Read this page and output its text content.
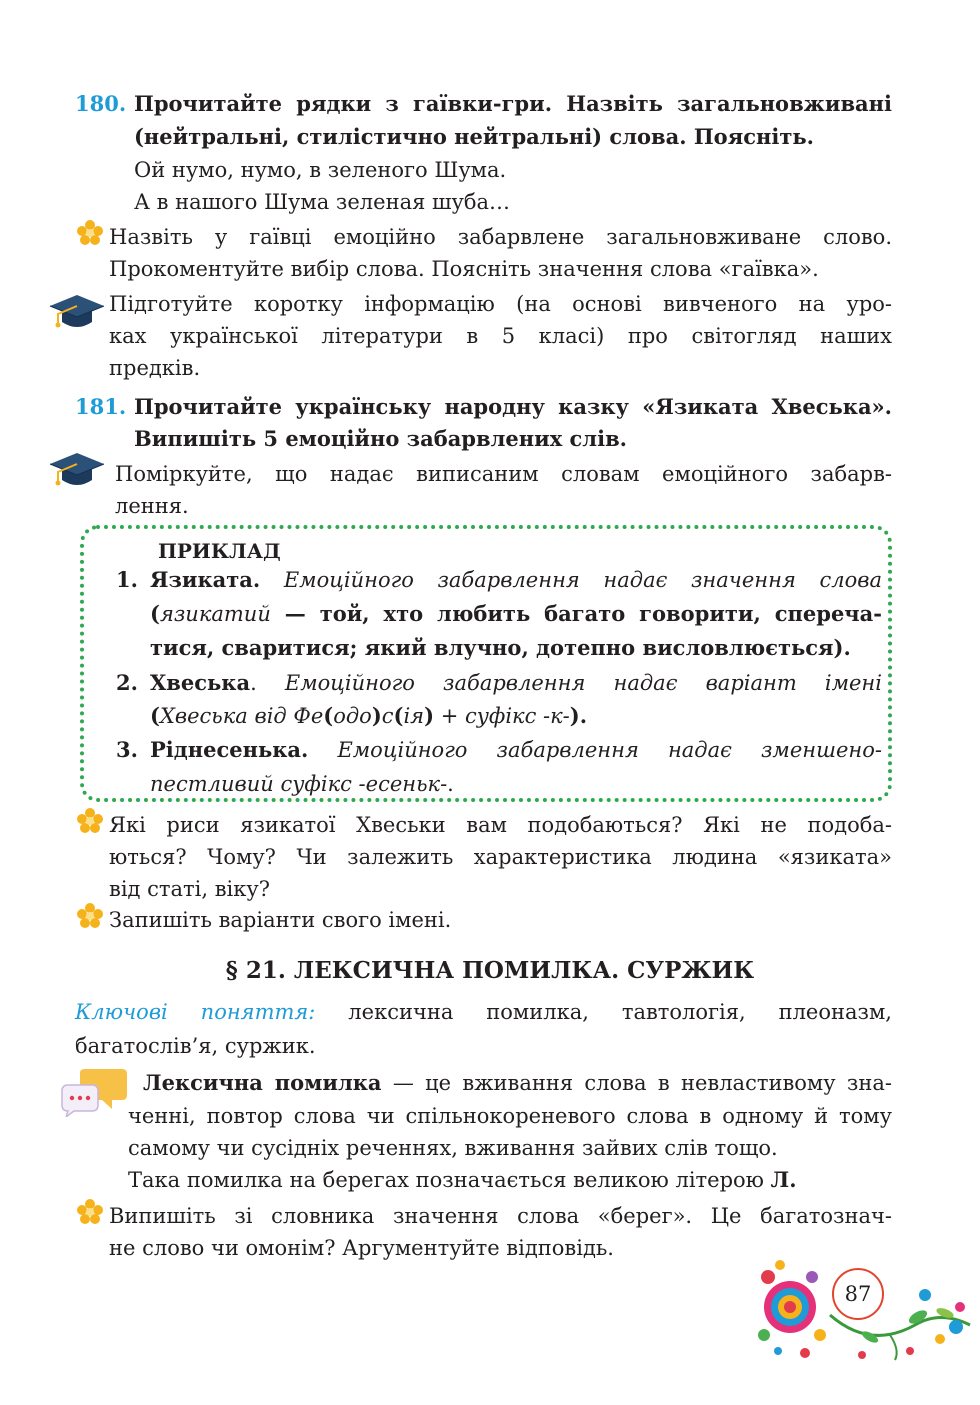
180. Прочитайте рядки з гаївки-гри. Назвіть загальновживані
(нейтральні, стилістично нейтральні) слова. Поясніть.
Ой нумо, нумо, в зеленого Шума.
А в нашого Шума зеленая шуба…
Назвіть у гаївці емоційно забарвлене загальновживане слово.
Прокоментуйте вибір слова. Поясніть значення слова «гаївка».
Підготуйте коротку інформацію (на основі вивченого на уро-
ках української літератури в 5 класі) про світогляд наших
предків.
181. Прочитайте українську народну казку «Язиката Хвеська».
Випишіть 5 емоційно забарвлених слів.
Поміркуйте, що надає виписаним словам емоційного забарв-
лення.
ПРИКЛАД
1. Язиката. Емоційного забарвлення надає значення слова
(язикатий — той, хто любить багато говорити, спереча-
тися, сваритися; який влучно, дотепно висловлюється).
2. Хвеська. Емоційного забарвлення надає варіант імені
(Хвеська від Фе(одо)с(ія) + суфікс -к-).
3. Ріднесенька. Емоційного забарвлення надає зменшено-
пестливий суфікс -есеньк-.
Які риси язикатої Хвеськи вам подобаються? Які не подоба-
ються? Чому? Чи залежить характеристика людина «язиката»
від статі, віку?
Запишіть варіанти свого імені.
§ 21. ЛЕКСИЧНА ПОМИЛКА. СУРЖИК
Ключові поняття: лексична помилка, тавтологія, плеоназм,
багатослів’я, суржик.
Лексична помилка — це вживання слова в невластивому зна-
ченні, повтор слова чи спільнокореневого слова в одному й тому
самому чи сусідніх реченнях, вживання зайвих слів тощо.
Така помилка на берегах позначається великою літерою Л.
Випишіть зі словника значення слова «берег». Це багатознач-
не слово чи омонім? Аргументуйте відповідь.
87
